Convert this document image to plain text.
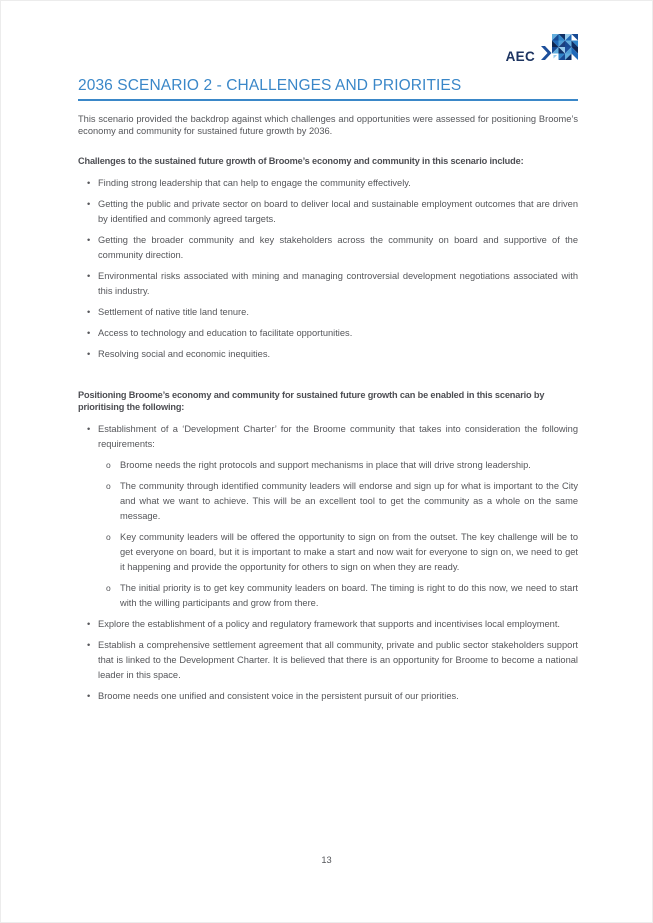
AEC
2036 SCENARIO 2 - CHALLENGES AND PRIORITIES

This scenario provided the backdrop against which challenges and opportunities were assessed for positioning Broome’s economy and community for sustained future growth by 2036.

Challenges to the sustained future growth of Broome’s economy and community in this scenario include:
• Finding strong leadership that can help to engage the community effectively.
• Getting the public and private sector on board to deliver local and sustainable employment outcomes that are driven by identified and commonly agreed targets.
• Getting the broader community and key stakeholders across the community on board and supportive of the community direction.
• Environmental risks associated with mining and managing controversial development negotiations associated with this industry.
• Settlement of native title land tenure.
• Access to technology and education to facilitate opportunities.
• Resolving social and economic inequities.
Positioning Broome’s economy and community for sustained future growth can be enabled in this scenario by prioritising the following:
• Establishment of a ‘Development Charter’ for the Broome community that takes into consideration the following requirements:
o Broome needs the right protocols and support mechanisms in place that will drive strong leadership.
o The community through identified community leaders will endorse and sign up for what is important to the City and what we want to achieve. This will be an excellent tool to get the community as a whole on the same message.
o Key community leaders will be offered the opportunity to sign on from the outset. The key challenge will be to get everyone on board, but it is important to make a start and now wait for everyone to sign on, we need to get it happening and provide the opportunity for others to sign on when they are ready.
o The initial priority is to get key community leaders on board. The timing is right to do this now, we need to start with the willing participants and grow from there.
• Explore the establishment of a policy and regulatory framework that supports and incentivises local employment.
• Establish a comprehensive settlement agreement that all community, private and public sector stakeholders support that is linked to the Development Charter. It is believed that there is an opportunity for Broome to become a national leader in this space.
• Broome needs one unified and consistent voice in the persistent pursuit of our priorities.
13
